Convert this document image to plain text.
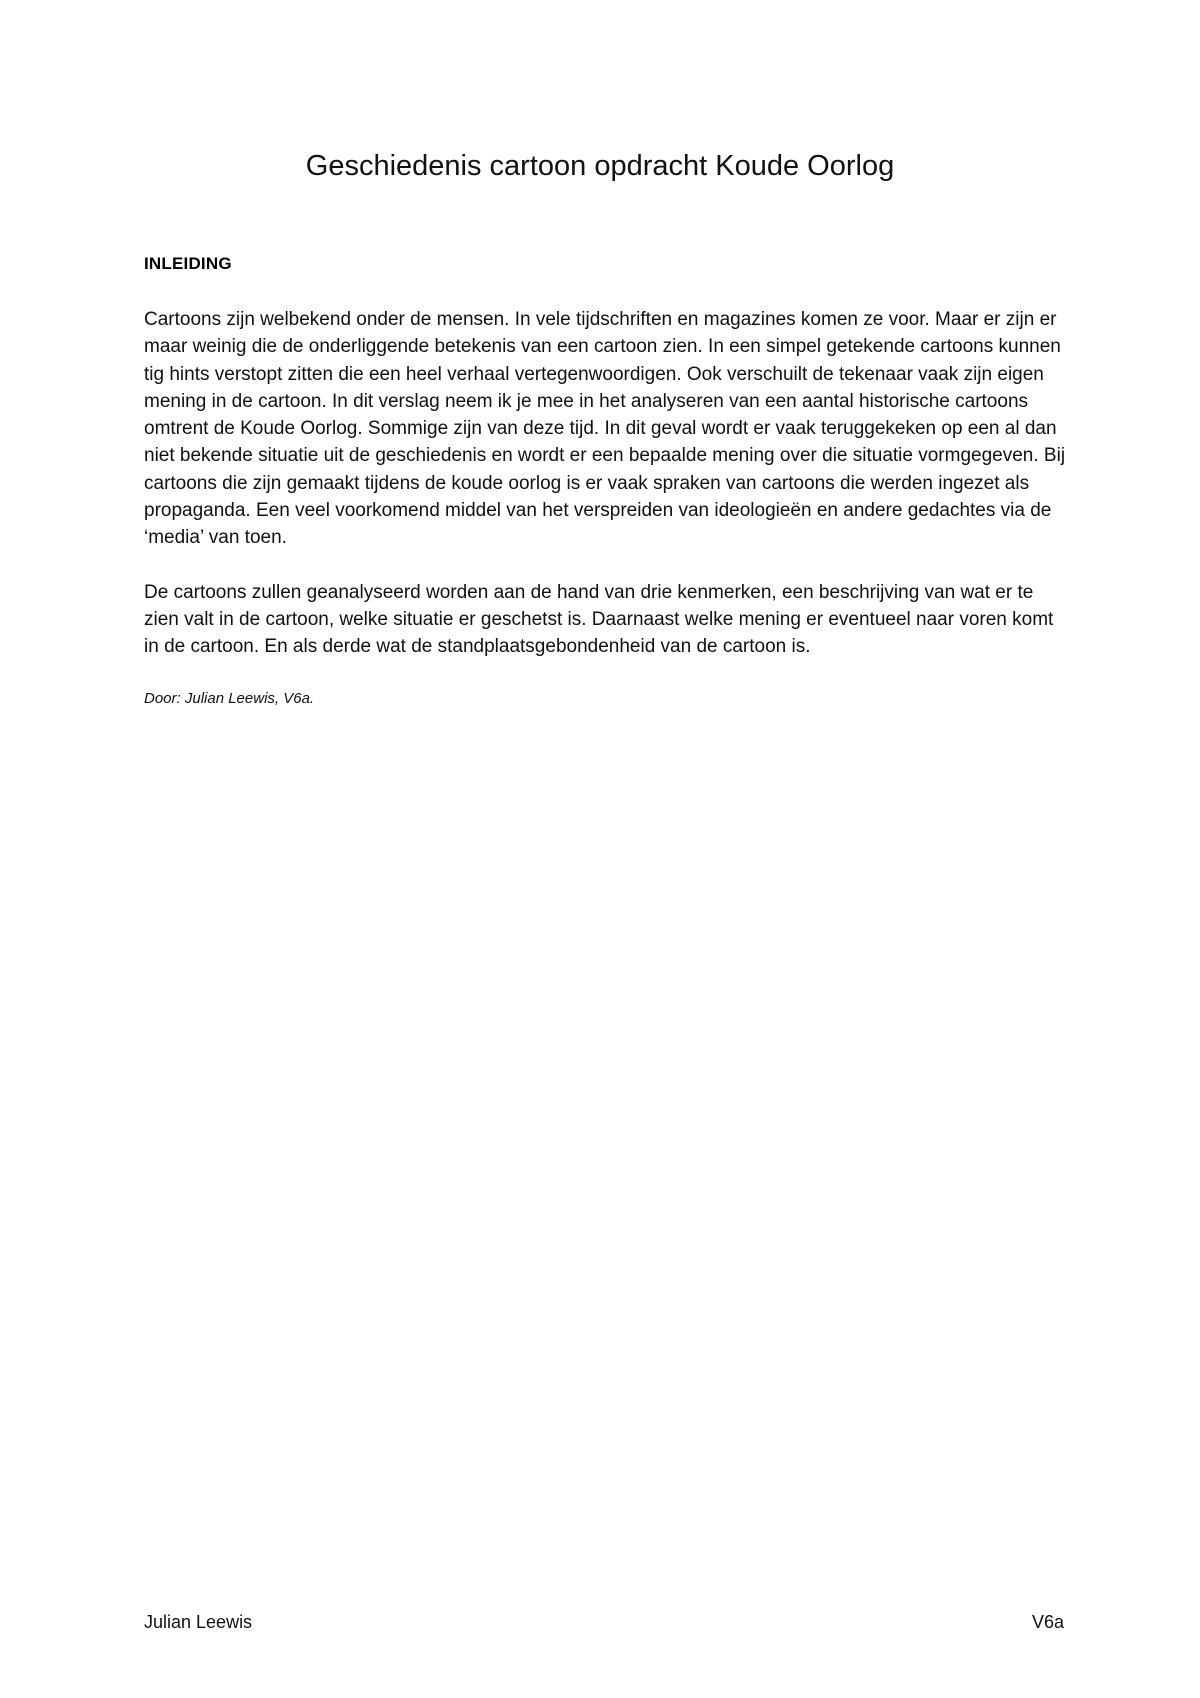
Geschiedenis cartoon opdracht Koude Oorlog
INLEIDING

Cartoons zijn welbekend onder de mensen. In vele tijdschriften en magazines komen ze voor. Maar er zijn er maar weinig die de onderliggende betekenis van een cartoon zien. In een simpel getekende cartoons kunnen tig hints verstopt zitten die een heel verhaal vertegenwoordigen. Ook verschuilt de tekenaar vaak zijn eigen mening in de cartoon. In dit verslag neem ik je mee in het analyseren van een aantal historische cartoons omtrent de Koude Oorlog. Sommige zijn van deze tijd. In dit geval wordt er vaak teruggekeken op een al dan niet bekende situatie uit de geschiedenis en wordt er een bepaalde mening over die situatie vormgegeven. Bij cartoons die zijn gemaakt tijdens de koude oorlog is er vaak spraken van cartoons die werden ingezet als propaganda. Een veel voorkomend middel van het verspreiden van ideologieën en andere gedachtes via de ‘media’ van toen.

De cartoons zullen geanalyseerd worden aan de hand van drie kenmerken, een beschrijving van wat er te zien valt in de cartoon, welke situatie er geschetst is. Daarnaast welke mening er eventueel naar voren komt in de cartoon. En als derde wat de standplaatsgebondenheid van de cartoon is.

Door: Julian Leewis, V6a.

Julian Leewis	V6a
